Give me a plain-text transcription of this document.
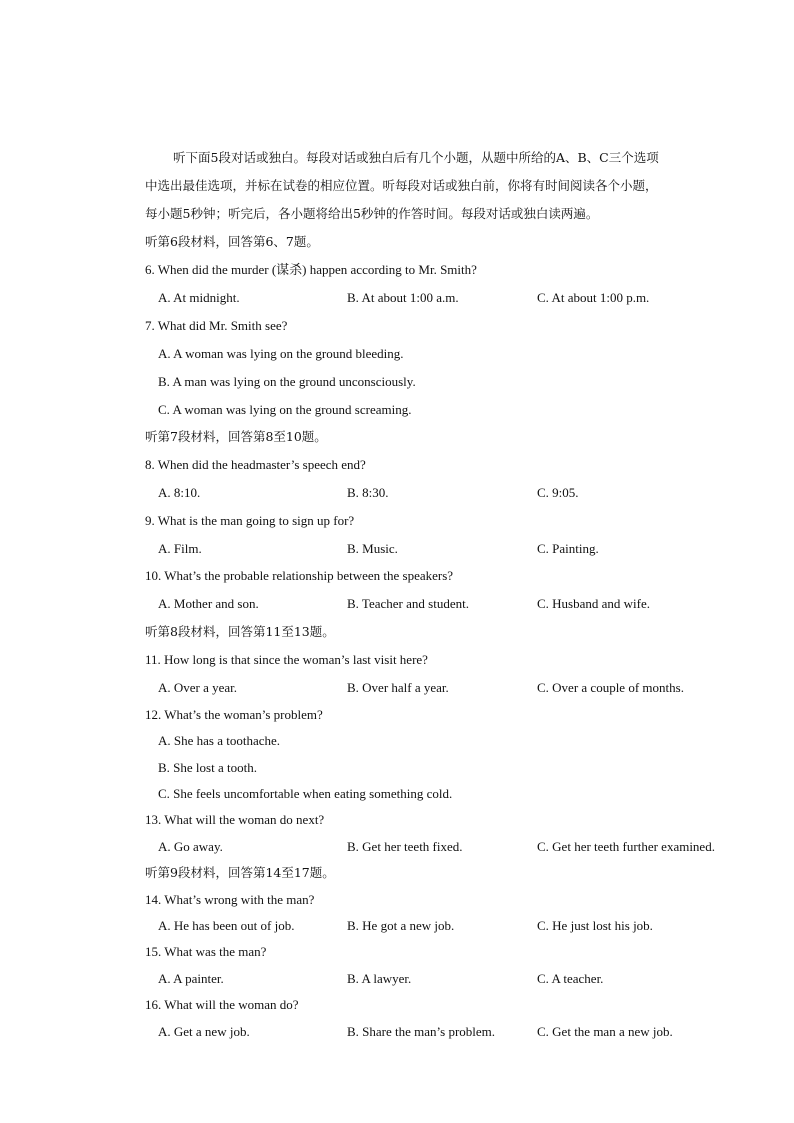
听下面5段对话或独白。每段对话或独白后有几个小题，从题中所给的A、B、C三个选项
中选出最佳选项，并标在试卷的相应位置。听每段对话或独白前，你将有时间阅读各个小题，
每小题5秒钟；听完后，各小题将给出5秒钟的作答时间。每段对话或独白读两遍。
听第6段材料，回答第6、7题。
6. When did the murder (谋杀) happen according to Mr. Smith?
A. At midnight.	B. At about 1:00 a.m.	C. At about 1:00 p.m.
7. What did Mr. Smith see?
A. A woman was lying on the ground bleeding.
B. A man was lying on the ground unconsciously.
C. A woman was lying on the ground screaming.
听第7段材料，回答第8至10题。
8. When did the headmaster’s speech end?
A. 8:10.	B. 8:30.	C. 9:05.
9. What is the man going to sign up for?
A. Film.	B. Music.	C. Painting.
10. What’s the probable relationship between the speakers?
A. Mother and son.	B. Teacher and student.	C. Husband and wife.
听第8段材料，回答第11至13题。
11. How long is that since the woman’s last visit here?
A. Over a year.	B. Over half a year.	C. Over a couple of months.
12. What’s the woman’s problem?
A. She has a toothache.
B. She lost a tooth.
C. She feels uncomfortable when eating something cold.
13. What will the woman do next?
A. Go away.	B. Get her teeth fixed.	C. Get her teeth further examined.
听第9段材料，回答第14至17题。
14. What’s wrong with the man?
A. He has been out of job.	B. He got a new job.	C. He just lost his job.
15. What was the man?
A. A painter.	B. A lawyer.	C. A teacher.
16. What will the woman do?
A. Get a new job.	B. Share the man’s problem.	C. Get the man a new job.
